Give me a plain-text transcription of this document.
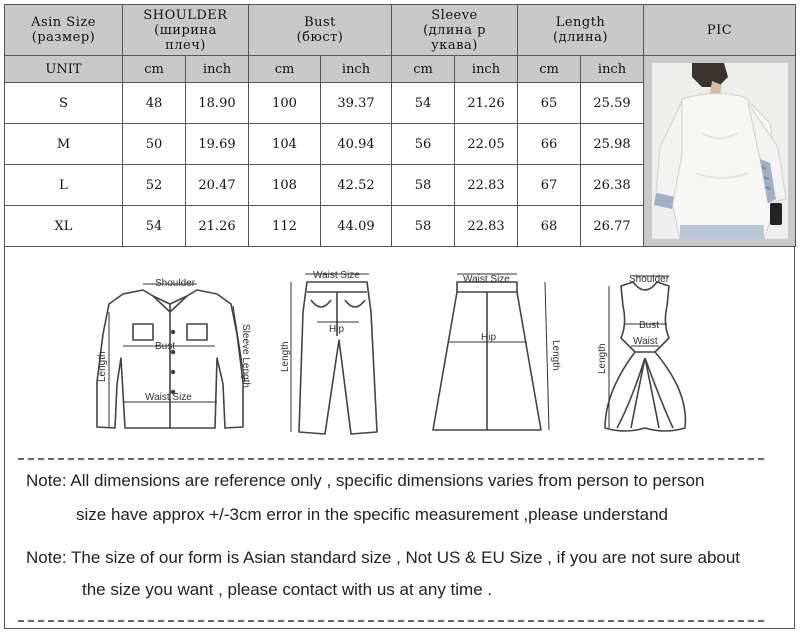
Asin Size
(размер)	SHOULDER
(ширина
плеч)		Bust
(бюст)		Sleeve
(длина р
укава)		Length
(длина)		PIC
UNIT	cm	inch	cm	inch	cm	inch	cm	inch	

S	48	18.90	100	39.37	54	21.26	65	25.59	
M	50	19.69	104	40.94	56	22.05	66	25.98	
L	52	20.47	108	42.52	58	22.83	67	26.38	
XL	54	21.26	112	44.09	58	22.83	68	26.77	
Shoulder
Bust
Waist Size
Sleeve Length
Length
Waist Size
Hip
Length
Waist Size
Hip
Length
Shoulder
Bust
Waist
Length
Note: All dimensions are reference only , specific dimensions varies from person to person
size have approx +/-3cm error in the specific measurement ,please understand
Note: The size of our form is Asian standard size , Not US & EU Size , if you are not sure about
the size you want , please contact with us at any time .
